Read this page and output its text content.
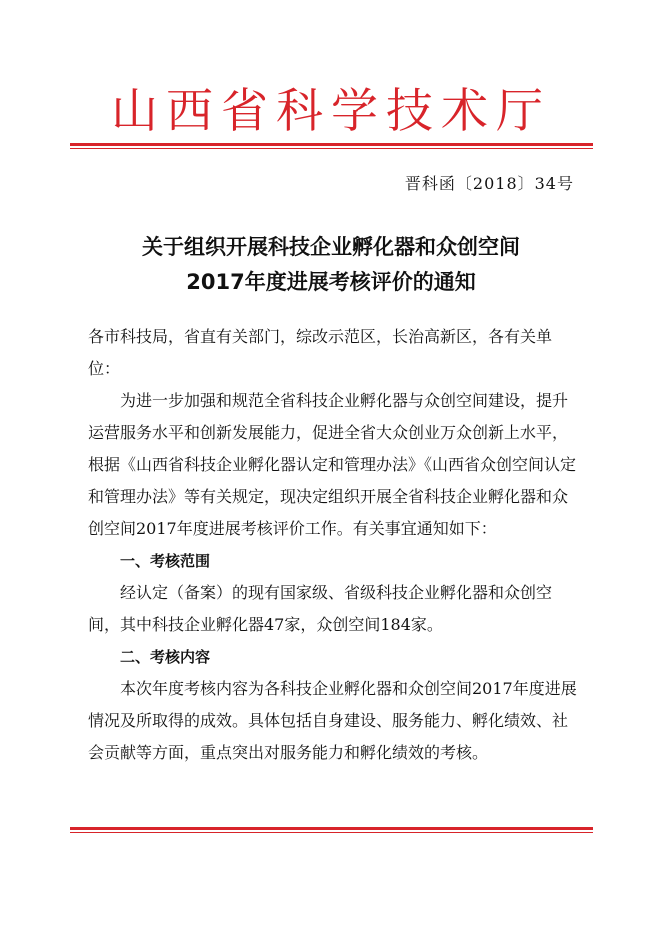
山西省科学技术厅
晋科函〔2018〕34号
关于组织开展科技企业孵化器和众创空间
2017年度进展考核评价的通知

各市科技局，省直有关部门，综改示范区，长治高新区，各有关单位：

为进一步加强和规范全省科技企业孵化器与众创空间建设，提升运营服务水平和创新发展能力，促进全省大众创业万众创新上水平，根据《山西省科技企业孵化器认定和管理办法》《山西省众创空间认定和管理办法》等有关规定，现决定组织开展全省科技企业孵化器和众创空间2017年度进展考核评价工作。有关事宜通知如下：

一、考核范围

经认定（备案）的现有国家级、省级科技企业孵化器和众创空间，其中科技企业孵化器47家，众创空间184家。

二、考核内容

本次年度考核内容为各科技企业孵化器和众创空间2017年度进展情况及所取得的成效。具体包括自身建设、服务能力、孵化绩效、社会贡献等方面，重点突出对服务能力和孵化绩效的考核。
